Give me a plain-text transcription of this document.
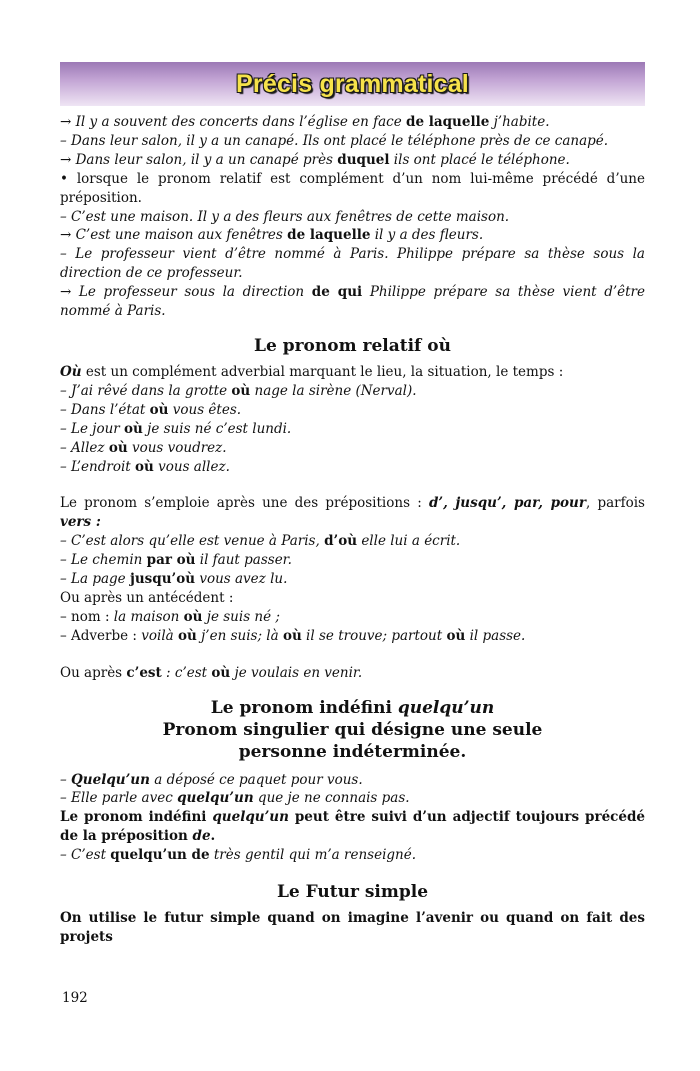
Précis grammatical
→ Il y a souvent des concerts dans l’église en face de laquelle j’habite.
– Dans leur salon, il y a un canapé. Ils ont placé le téléphone près de ce canapé.
→ Dans leur salon, il y a un canapé près duquel ils ont placé le téléphone.
• lorsque le pronom relatif est complément d’un nom lui-même précédé d’une préposition.
– C’est une maison. Il y a des fleurs aux fenêtres de cette maison.
→ C’est une maison aux fenêtres de laquelle il y a des fleurs.
– Le professeur vient d’être nommé à Paris. Philippe prépare sa thèse sous la direction de ce professeur.
→ Le professeur sous la direction de qui Philippe prépare sa thèse vient d’être nommé à Paris.
Le pronom relatif où
Où est un complément adverbial marquant le lieu, la situation, le temps :
– J’ai rêvé dans la grotte où nage la sirène (Nerval).
– Dans l’état où vous êtes.
– Le jour où je suis né c’est lundi.
– Allez où vous voudrez.
– L’endroit où vous allez.
Le pronom s’emploie après une des prépositions : d’, jusqu’, par, pour, parfois vers :
– C’est alors qu’elle est venue à Paris, d’où elle lui a écrit.
– Le chemin par où il faut passer.
– La page jusqu’où vous avez lu.
Ou après un antécédent :
– nom : la maison où je suis né ;
– Adverbe : voilà où j’en suis; là où il se trouve; partout où il passe.
Ou après c’est : c’est où je voulais en venir.
Le pronom indéfini quelqu’un
Pronom singulier qui désigne une seule personne indéterminée.
– Quelqu’un a déposé ce paquet pour vous.
– Elle parle avec quelqu’un que je ne connais pas.
Le pronom indéfini quelqu’un peut être suivi d’un adjectif toujours précédé de la préposition de.
– C’est quelqu’un de très gentil qui m’a renseigné.
Le Futur simple
On utilise le futur simple quand on imagine l’avenir ou quand on fait des projets
192
